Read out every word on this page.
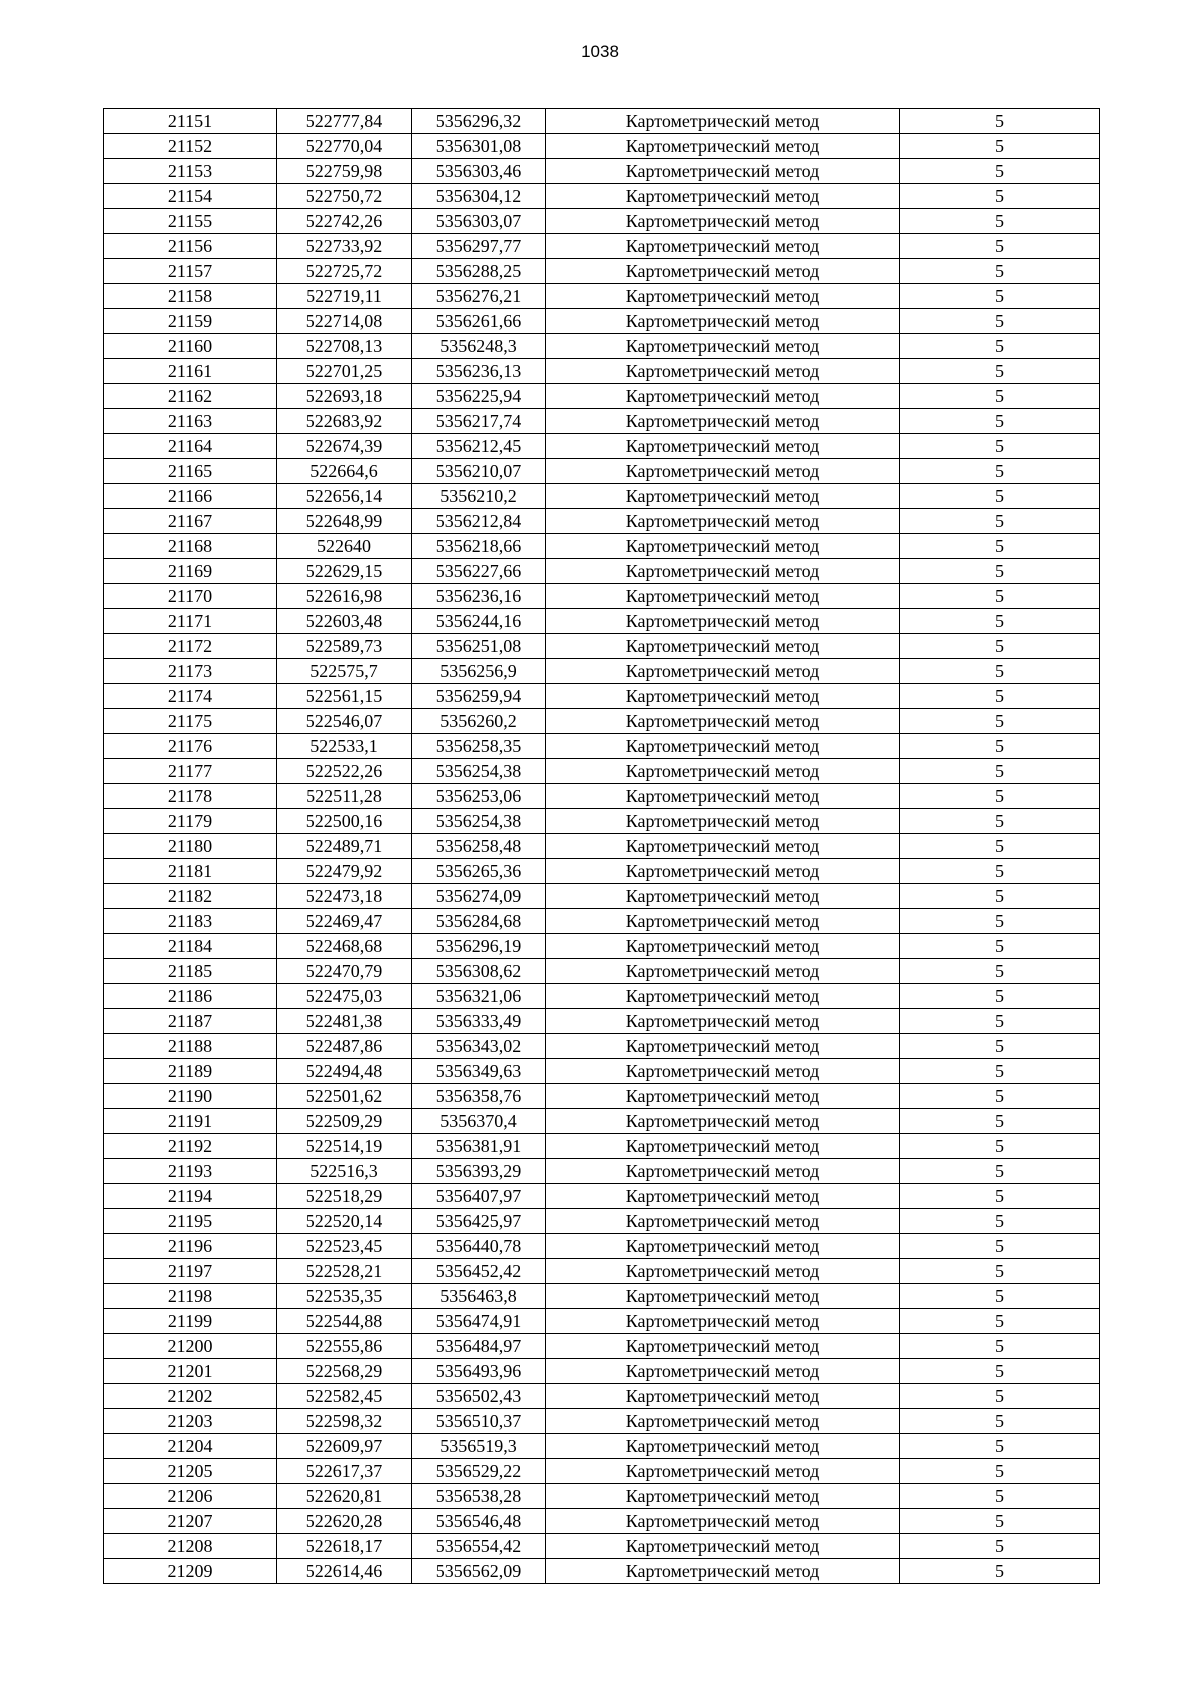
1038
21151	522777,84	5356296,32	Картометрический метод	5
21152	522770,04	5356301,08	Картометрический метод	5
21153	522759,98	5356303,46	Картометрический метод	5
21154	522750,72	5356304,12	Картометрический метод	5
21155	522742,26	5356303,07	Картометрический метод	5
21156	522733,92	5356297,77	Картометрический метод	5
21157	522725,72	5356288,25	Картометрический метод	5
21158	522719,11	5356276,21	Картометрический метод	5
21159	522714,08	5356261,66	Картометрический метод	5
21160	522708,13	5356248,3	Картометрический метод	5
21161	522701,25	5356236,13	Картометрический метод	5
21162	522693,18	5356225,94	Картометрический метод	5
21163	522683,92	5356217,74	Картометрический метод	5
21164	522674,39	5356212,45	Картометрический метод	5
21165	522664,6	5356210,07	Картометрический метод	5
21166	522656,14	5356210,2	Картометрический метод	5
21167	522648,99	5356212,84	Картометрический метод	5
21168	522640	5356218,66	Картометрический метод	5
21169	522629,15	5356227,66	Картометрический метод	5
21170	522616,98	5356236,16	Картометрический метод	5
21171	522603,48	5356244,16	Картометрический метод	5
21172	522589,73	5356251,08	Картометрический метод	5
21173	522575,7	5356256,9	Картометрический метод	5
21174	522561,15	5356259,94	Картометрический метод	5
21175	522546,07	5356260,2	Картометрический метод	5
21176	522533,1	5356258,35	Картометрический метод	5
21177	522522,26	5356254,38	Картометрический метод	5
21178	522511,28	5356253,06	Картометрический метод	5
21179	522500,16	5356254,38	Картометрический метод	5
21180	522489,71	5356258,48	Картометрический метод	5
21181	522479,92	5356265,36	Картометрический метод	5
21182	522473,18	5356274,09	Картометрический метод	5
21183	522469,47	5356284,68	Картометрический метод	5
21184	522468,68	5356296,19	Картометрический метод	5
21185	522470,79	5356308,62	Картометрический метод	5
21186	522475,03	5356321,06	Картометрический метод	5
21187	522481,38	5356333,49	Картометрический метод	5
21188	522487,86	5356343,02	Картометрический метод	5
21189	522494,48	5356349,63	Картометрический метод	5
21190	522501,62	5356358,76	Картометрический метод	5
21191	522509,29	5356370,4	Картометрический метод	5
21192	522514,19	5356381,91	Картометрический метод	5
21193	522516,3	5356393,29	Картометрический метод	5
21194	522518,29	5356407,97	Картометрический метод	5
21195	522520,14	5356425,97	Картометрический метод	5
21196	522523,45	5356440,78	Картометрический метод	5
21197	522528,21	5356452,42	Картометрический метод	5
21198	522535,35	5356463,8	Картометрический метод	5
21199	522544,88	5356474,91	Картометрический метод	5
21200	522555,86	5356484,97	Картометрический метод	5
21201	522568,29	5356493,96	Картометрический метод	5
21202	522582,45	5356502,43	Картометрический метод	5
21203	522598,32	5356510,37	Картометрический метод	5
21204	522609,97	5356519,3	Картометрический метод	5
21205	522617,37	5356529,22	Картометрический метод	5
21206	522620,81	5356538,28	Картометрический метод	5
21207	522620,28	5356546,48	Картометрический метод	5
21208	522618,17	5356554,42	Картометрический метод	5
21209	522614,46	5356562,09	Картометрический метод	5
